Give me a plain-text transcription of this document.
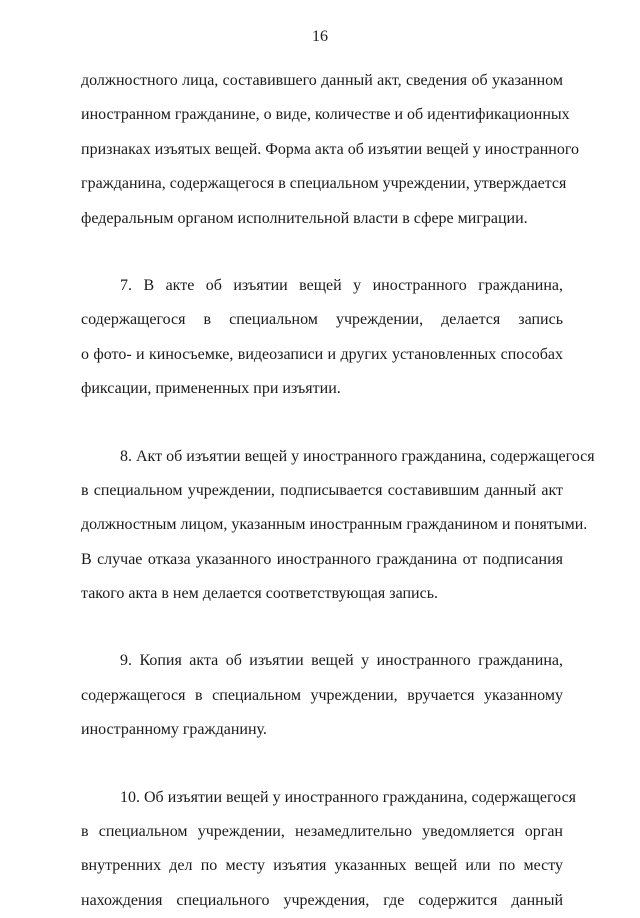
16
должностного лица, составившего данный акт, сведения об указанном
иностранном гражданине, о виде, количестве и об идентификационных
признаках изъятых вещей. Форма акта об изъятии вещей у иностранного
гражданина, содержащегося в специальном учреждении, утверждается
федеральным органом исполнительной власти в сфере миграции.
7. В акте об изъятии вещей у иностранного гражданина,
содержащегося в специальном учреждении, делается запись
о фото- и киносъемке, видеозаписи и других установленных способах
фиксации, примененных при изъятии.
8. Акт об изъятии вещей у иностранного гражданина, содержащегося
в специальном учреждении, подписывается составившим данный акт
должностным лицом, указанным иностранным гражданином и понятыми.
В случае отказа указанного иностранного гражданина от подписания
такого акта в нем делается соответствующая запись.
9. Копия акта об изъятии вещей у иностранного гражданина,
содержащегося в специальном учреждении, вручается указанному
иностранному гражданину.
10. Об изъятии вещей у иностранного гражданина, содержащегося
в специальном учреждении, незамедлительно уведомляется орган
внутренних дел по месту изъятия указанных вещей или по месту
нахождения специального учреждения, где содержится данный
